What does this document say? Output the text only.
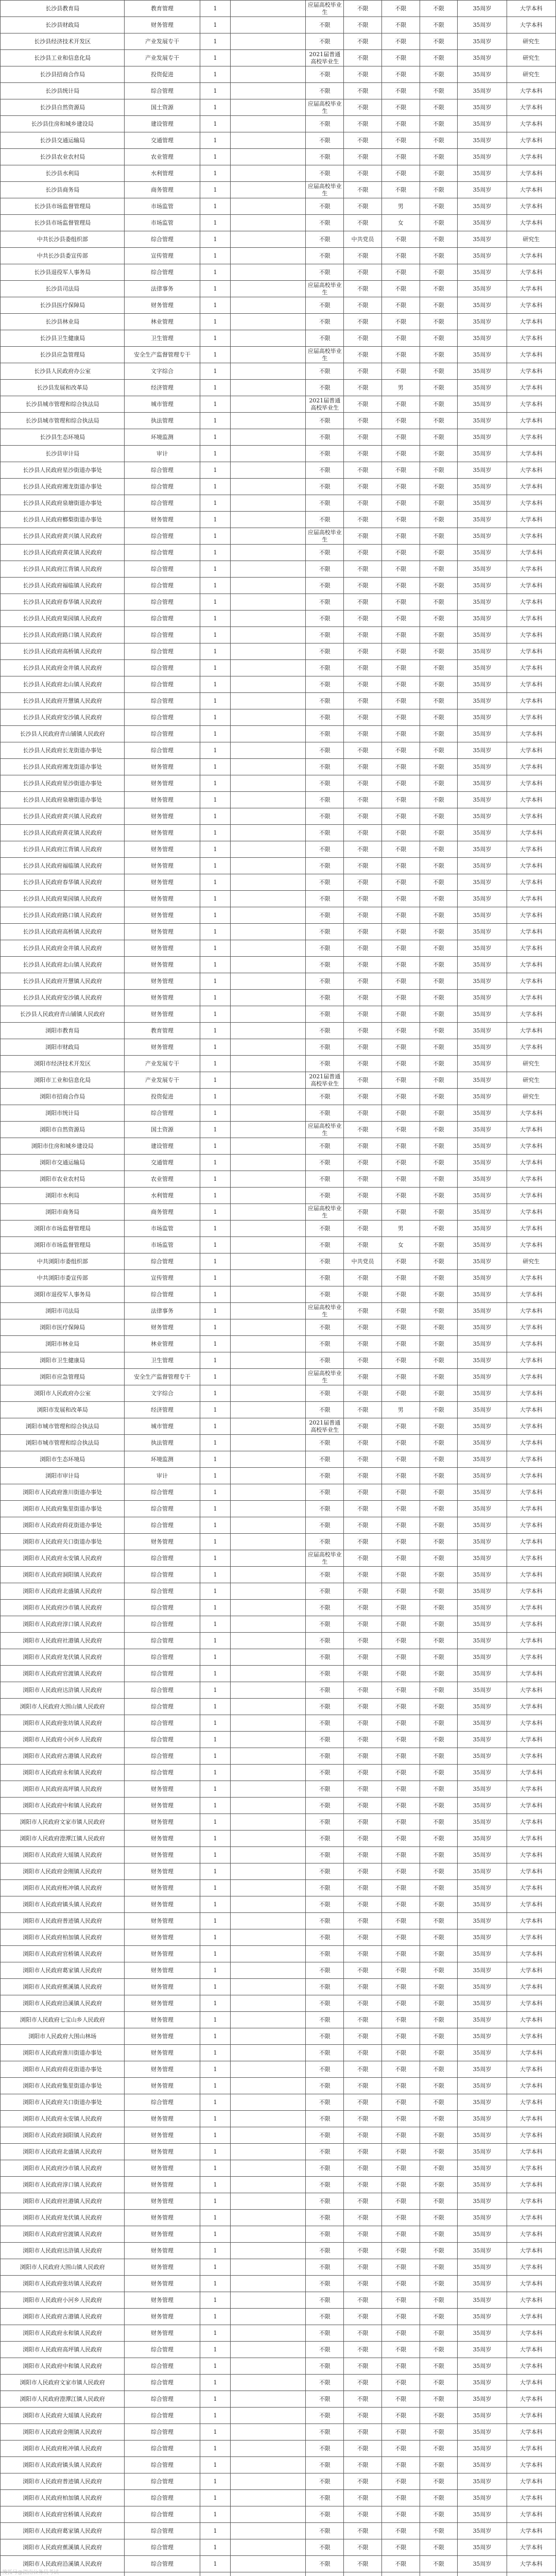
长沙县教育局	教育管理	1		应届高校毕业生	不限	不限	不限	35周岁	大学本科
长沙县财政局	财务管理	1		不限	不限	不限	不限	35周岁	大学本科
长沙县经济技术开发区	产业发展专干	1		不限	不限	不限	不限	35周岁	研究生
长沙县工业和信息化局	产业发展专干	1		2021届普通高校毕业生	不限	不限	不限	35周岁	研究生
长沙县招商合作局	投资促进	1		不限	不限	不限	不限	35周岁	研究生
长沙县统计局	综合管理	1		不限	不限	不限	不限	35周岁	大学本科
长沙县自然资源局	国土资源	1		应届高校毕业生	不限	不限	不限	35周岁	大学本科
长沙县住房和城乡建设局	建设管理	1		不限	不限	不限	不限	35周岁	大学本科
长沙县交通运输局	交通管理	1		不限	不限	不限	不限	35周岁	大学本科
长沙县农业农村局	农业管理	1		不限	不限	不限	不限	35周岁	大学本科
长沙县水利局	水利管理	1		不限	不限	不限	不限	35周岁	大学本科
长沙县商务局	商务管理	1		应届高校毕业生	不限	不限	不限	35周岁	大学本科
长沙县市场监督管理局	市场监管	1		不限	不限	男	不限	35周岁	大学本科
长沙县市场监督管理局	市场监管	1		不限	不限	女	不限	35周岁	大学本科
中共长沙县委组织部	综合管理	1		不限	中共党员	不限	不限	35周岁	研究生
中共长沙县委宣传部	宣传管理	1		不限	不限	不限	不限	35周岁	大学本科
长沙县退役军人事务局	综合管理	1		不限	不限	不限	不限	35周岁	大学本科
长沙县司法局	法律事务	1		应届高校毕业生	不限	不限	不限	35周岁	大学本科
长沙县医疗保障局	财务管理	1		不限	不限	不限	不限	35周岁	大学本科
长沙县林业局	林业管理	1		不限	不限	不限	不限	35周岁	大学本科
长沙县卫生健康局	卫生管理	1		不限	不限	不限	不限	35周岁	大学本科
长沙县应急管理局	安全生产监督管理专干	1		应届高校毕业生	不限	不限	不限	35周岁	大学本科
长沙县人民政府办公室	文字综合	1		不限	不限	不限	不限	35周岁	大学本科
长沙县发展和改革局	经济管理	1		不限	不限	男	不限	35周岁	大学本科
长沙县城市管理和综合执法局	城市管理	1		2021届普通高校毕业生	不限	不限	不限	35周岁	大学本科
长沙县城市管理和综合执法局	执法管理	1		不限	不限	不限	不限	35周岁	大学本科
长沙县生态环境局	环境监测	1		不限	不限	不限	不限	35周岁	大学本科
长沙县审计局	审计	1		不限	不限	不限	不限	35周岁	大学本科
长沙县人民政府星沙街道办事处	综合管理	1		不限	不限	不限	不限	35周岁	大学本科
长沙县人民政府湘龙街道办事处	综合管理	1		不限	不限	不限	不限	35周岁	大学本科
长沙县人民政府泉塘街道办事处	综合管理	1		不限	不限	不限	不限	35周岁	大学本科
长沙县人民政府榔梨街道办事处	财务管理	1		不限	不限	不限	不限	35周岁	大学本科
长沙县人民政府黄兴镇人民政府	综合管理	1		应届高校毕业生	不限	不限	不限	35周岁	大学本科
长沙县人民政府黄花镇人民政府	综合管理	1		不限	不限	不限	不限	35周岁	大学本科
长沙县人民政府江背镇人民政府	综合管理	1		不限	不限	不限	不限	35周岁	大学本科
长沙县人民政府福临镇人民政府	综合管理	1		不限	不限	不限	不限	35周岁	大学本科
长沙县人民政府春华镇人民政府	综合管理	1		不限	不限	不限	不限	35周岁	大学本科
长沙县人民政府果园镇人民政府	综合管理	1		不限	不限	不限	不限	35周岁	大学本科
长沙县人民政府路口镇人民政府	综合管理	1		不限	不限	不限	不限	35周岁	大学本科
长沙县人民政府高桥镇人民政府	综合管理	1		不限	不限	不限	不限	35周岁	大学本科
长沙县人民政府金井镇人民政府	综合管理	1		不限	不限	不限	不限	35周岁	大学本科
长沙县人民政府北山镇人民政府	综合管理	1		不限	不限	不限	不限	35周岁	大学本科
长沙县人民政府开慧镇人民政府	综合管理	1		不限	不限	不限	不限	35周岁	大学本科
长沙县人民政府安沙镇人民政府	综合管理	1		不限	不限	不限	不限	35周岁	大学本科
长沙县人民政府青山铺镇人民政府	综合管理	1		不限	不限	不限	不限	35周岁	大学本科
长沙县人民政府长龙街道办事处	综合管理	1		不限	不限	不限	不限	35周岁	大学本科
长沙县人民政府湘龙街道办事处	财务管理	1		不限	不限	不限	不限	35周岁	大学本科
长沙县人民政府星沙街道办事处	财务管理	1		不限	不限	不限	不限	35周岁	大学本科
长沙县人民政府泉塘街道办事处	财务管理	1		不限	不限	不限	不限	35周岁	大学本科
长沙县人民政府黄兴镇人民政府	财务管理	1		不限	不限	不限	不限	35周岁	大学本科
长沙县人民政府黄花镇人民政府	财务管理	1		不限	不限	不限	不限	35周岁	大学本科
长沙县人民政府江背镇人民政府	财务管理	1		不限	不限	不限	不限	35周岁	大学本科
长沙县人民政府福临镇人民政府	财务管理	1		不限	不限	不限	不限	35周岁	大学本科
长沙县人民政府春华镇人民政府	财务管理	1		不限	不限	不限	不限	35周岁	大学本科
长沙县人民政府果园镇人民政府	财务管理	1		不限	不限	不限	不限	35周岁	大学本科
长沙县人民政府路口镇人民政府	财务管理	1		不限	不限	不限	不限	35周岁	大学本科
长沙县人民政府高桥镇人民政府	财务管理	1		不限	不限	不限	不限	35周岁	大学本科
长沙县人民政府金井镇人民政府	财务管理	1		不限	不限	不限	不限	35周岁	大学本科
长沙县人民政府北山镇人民政府	财务管理	1		不限	不限	不限	不限	35周岁	大学本科
长沙县人民政府开慧镇人民政府	财务管理	1		不限	不限	不限	不限	35周岁	大学本科
长沙县人民政府安沙镇人民政府	财务管理	1		不限	不限	不限	不限	35周岁	大学本科
长沙县人民政府青山铺镇人民政府	财务管理	1		不限	不限	不限	不限	35周岁	大学本科
浏阳市教育局	教育管理	1		不限	不限	不限	不限	35周岁	大学本科
浏阳市财政局	财务管理	1		不限	不限	不限	不限	35周岁	大学本科
浏阳市经济技术开发区	产业发展专干	1		不限	不限	不限	不限	35周岁	研究生
浏阳市工业和信息化局	产业发展专干	1		2021届普通高校毕业生	不限	不限	不限	35周岁	研究生
浏阳市招商合作局	投资促进	1		不限	不限	不限	不限	35周岁	研究生
浏阳市统计局	综合管理	1		不限	不限	不限	不限	35周岁	大学本科
浏阳市自然资源局	国土资源	1		应届高校毕业生	不限	不限	不限	35周岁	大学本科
浏阳市住房和城乡建设局	建设管理	1		不限	不限	不限	不限	35周岁	大学本科
浏阳市交通运输局	交通管理	1		不限	不限	不限	不限	35周岁	大学本科
浏阳市农业农村局	农业管理	1		不限	不限	不限	不限	35周岁	大学本科
浏阳市水利局	水利管理	1		不限	不限	不限	不限	35周岁	大学本科
浏阳市商务局	商务管理	1		应届高校毕业生	不限	不限	不限	35周岁	大学本科
浏阳市市场监督管理局	市场监管	1		不限	不限	男	不限	35周岁	大学本科
浏阳市市场监督管理局	市场监管	1		不限	不限	女	不限	35周岁	大学本科
中共浏阳市委组织部	综合管理	1		不限	中共党员	不限	不限	35周岁	研究生
中共浏阳市委宣传部	宣传管理	1		不限	不限	不限	不限	35周岁	大学本科
浏阳市退役军人事务局	综合管理	1		不限	不限	不限	不限	35周岁	大学本科
浏阳市司法局	法律事务	1		应届高校毕业生	不限	不限	不限	35周岁	大学本科
浏阳市医疗保障局	财务管理	1		不限	不限	不限	不限	35周岁	大学本科
浏阳市林业局	林业管理	1		不限	不限	不限	不限	35周岁	大学本科
浏阳市卫生健康局	卫生管理	1		不限	不限	不限	不限	35周岁	大学本科
浏阳市应急管理局	安全生产监督管理专干	1		应届高校毕业生	不限	不限	不限	35周岁	大学本科
浏阳市人民政府办公室	文字综合	1		不限	不限	不限	不限	35周岁	大学本科
浏阳市发展和改革局	经济管理	1		不限	不限	男	不限	35周岁	大学本科
浏阳市城市管理和综合执法局	城市管理	1		2021届普通高校毕业生	不限	不限	不限	35周岁	大学本科
浏阳市城市管理和综合执法局	执法管理	1		不限	不限	不限	不限	35周岁	大学本科
浏阳市生态环境局	环境监测	1		不限	不限	不限	不限	35周岁	大学本科
浏阳市审计局	审计	1		不限	不限	不限	不限	35周岁	大学本科
浏阳市人民政府淮川街道办事处	综合管理	1		不限	不限	不限	不限	35周岁	大学本科
浏阳市人民政府集里街道办事处	综合管理	1		不限	不限	不限	不限	35周岁	大学本科
浏阳市人民政府荷花街道办事处	综合管理	1		不限	不限	不限	不限	35周岁	大学本科
浏阳市人民政府关口街道办事处	财务管理	1		不限	不限	不限	不限	35周岁	大学本科
浏阳市人民政府永安镇人民政府	综合管理	1		应届高校毕业生	不限	不限	不限	35周岁	大学本科
浏阳市人民政府洞阳镇人民政府	综合管理	1		不限	不限	不限	不限	35周岁	大学本科
浏阳市人民政府北盛镇人民政府	综合管理	1		不限	不限	不限	不限	35周岁	大学本科
浏阳市人民政府沙市镇人民政府	综合管理	1		不限	不限	不限	不限	35周岁	大学本科
浏阳市人民政府淳口镇人民政府	综合管理	1		不限	不限	不限	不限	35周岁	大学本科
浏阳市人民政府社港镇人民政府	综合管理	1		不限	不限	不限	不限	35周岁	大学本科
浏阳市人民政府龙伏镇人民政府	综合管理	1		不限	不限	不限	不限	35周岁	大学本科
浏阳市人民政府官渡镇人民政府	综合管理	1		不限	不限	不限	不限	35周岁	大学本科
浏阳市人民政府达浒镇人民政府	综合管理	1		不限	不限	不限	不限	35周岁	大学本科
浏阳市人民政府大围山镇人民政府	综合管理	1		不限	不限	不限	不限	35周岁	大学本科
浏阳市人民政府张坊镇人民政府	综合管理	1		不限	不限	不限	不限	35周岁	大学本科
浏阳市人民政府小河乡人民政府	综合管理	1		不限	不限	不限	不限	35周岁	大学本科
浏阳市人民政府古港镇人民政府	综合管理	1		不限	不限	不限	不限	35周岁	大学本科
浏阳市人民政府永和镇人民政府	综合管理	1		不限	不限	不限	不限	35周岁	大学本科
浏阳市人民政府高坪镇人民政府	财务管理	1		不限	不限	不限	不限	35周岁	大学本科
浏阳市人民政府中和镇人民政府	财务管理	1		不限	不限	不限	不限	35周岁	大学本科
浏阳市人民政府文家市镇人民政府	财务管理	1		不限	不限	不限	不限	35周岁	大学本科
浏阳市人民政府澄潭江镇人民政府	财务管理	1		不限	不限	不限	不限	35周岁	大学本科
浏阳市人民政府大瑶镇人民政府	财务管理	1		不限	不限	不限	不限	35周岁	大学本科
浏阳市人民政府金刚镇人民政府	财务管理	1		不限	不限	不限	不限	35周岁	大学本科
浏阳市人民政府枨冲镇人民政府	财务管理	1		不限	不限	不限	不限	35周岁	大学本科
浏阳市人民政府镇头镇人民政府	财务管理	1		不限	不限	不限	不限	35周岁	大学本科
浏阳市人民政府普迹镇人民政府	财务管理	1		不限	不限	不限	不限	35周岁	大学本科
浏阳市人民政府柏加镇人民政府	财务管理	1		不限	不限	不限	不限	35周岁	大学本科
浏阳市人民政府官桥镇人民政府	财务管理	1		不限	不限	不限	不限	35周岁	大学本科
浏阳市人民政府葛家镇人民政府	财务管理	1		不限	不限	不限	不限	35周岁	大学本科
浏阳市人民政府蕉溪镇人民政府	财务管理	1		不限	不限	不限	不限	35周岁	大学本科
浏阳市人民政府沿溪镇人民政府	财务管理	1		不限	不限	不限	不限	35周岁	大学本科
浏阳市人民政府七宝山乡人民政府	财务管理	1		不限	不限	不限	不限	35周岁	大学本科
浏阳市人民政府大围山林场	财务管理	1		不限	不限	不限	不限	35周岁	大学本科
浏阳市人民政府淮川街道办事处	财务管理	1		不限	不限	不限	不限	35周岁	大学本科
浏阳市人民政府荷花街道办事处	财务管理	1		不限	不限	不限	不限	35周岁	大学本科
浏阳市人民政府集里街道办事处	财务管理	1		不限	不限	不限	不限	35周岁	大学本科
浏阳市人民政府关口街道办事处	综合管理	1		不限	不限	不限	不限	35周岁	大学本科
浏阳市人民政府永安镇人民政府	财务管理	1		不限	不限	不限	不限	35周岁	大学本科
浏阳市人民政府洞阳镇人民政府	财务管理	1		不限	不限	不限	不限	35周岁	大学本科
浏阳市人民政府北盛镇人民政府	财务管理	1		不限	不限	不限	不限	35周岁	大学本科
浏阳市人民政府沙市镇人民政府	财务管理	1		不限	不限	不限	不限	35周岁	大学本科
浏阳市人民政府淳口镇人民政府	财务管理	1		不限	不限	不限	不限	35周岁	大学本科
浏阳市人民政府社港镇人民政府	财务管理	1		不限	不限	不限	不限	35周岁	大学本科
浏阳市人民政府龙伏镇人民政府	财务管理	1		不限	不限	不限	不限	35周岁	大学本科
浏阳市人民政府官渡镇人民政府	财务管理	1		不限	不限	不限	不限	35周岁	大学本科
浏阳市人民政府达浒镇人民政府	财务管理	1		不限	不限	不限	不限	35周岁	大学本科
浏阳市人民政府大围山镇人民政府	财务管理	1		不限	不限	不限	不限	35周岁	大学本科
浏阳市人民政府张坊镇人民政府	财务管理	1		不限	不限	不限	不限	35周岁	大学本科
浏阳市人民政府小河乡人民政府	财务管理	1		不限	不限	不限	不限	35周岁	大学本科
浏阳市人民政府古港镇人民政府	财务管理	1		不限	不限	不限	不限	35周岁	大学本科
浏阳市人民政府永和镇人民政府	财务管理	1		不限	不限	不限	不限	35周岁	大学本科
浏阳市人民政府高坪镇人民政府	综合管理	1		不限	不限	不限	不限	35周岁	大学本科
浏阳市人民政府中和镇人民政府	综合管理	1		不限	不限	不限	不限	35周岁	大学本科
浏阳市人民政府文家市镇人民政府	综合管理	1		不限	不限	不限	不限	35周岁	大学本科
浏阳市人民政府澄潭江镇人民政府	综合管理	1		不限	不限	不限	不限	35周岁	大学本科
浏阳市人民政府大瑶镇人民政府	综合管理	1		不限	不限	不限	不限	35周岁	大学本科
浏阳市人民政府金刚镇人民政府	综合管理	1		不限	不限	不限	不限	35周岁	大学本科
浏阳市人民政府枨冲镇人民政府	综合管理	1		不限	不限	不限	不限	35周岁	大学本科
浏阳市人民政府镇头镇人民政府	综合管理	1		不限	不限	不限	不限	35周岁	大学本科
浏阳市人民政府普迹镇人民政府	综合管理	1		不限	不限	不限	不限	35周岁	大学本科
浏阳市人民政府柏加镇人民政府	综合管理	1		不限	不限	不限	不限	35周岁	大学本科
浏阳市人民政府官桥镇人民政府	综合管理	1		不限	不限	不限	不限	35周岁	大学本科
浏阳市人民政府葛家镇人民政府	综合管理	1		不限	不限	不限	不限	35周岁	大学本科
浏阳市人民政府蕉溪镇人民政府	综合管理	1		不限	不限	不限	不限	35周岁	大学本科
浏阳市人民政府沿溪镇人民政府	综合管理	1		不限	不限	不限	不限	35周岁	大学本科

搜狐号@湖南公务员考试
